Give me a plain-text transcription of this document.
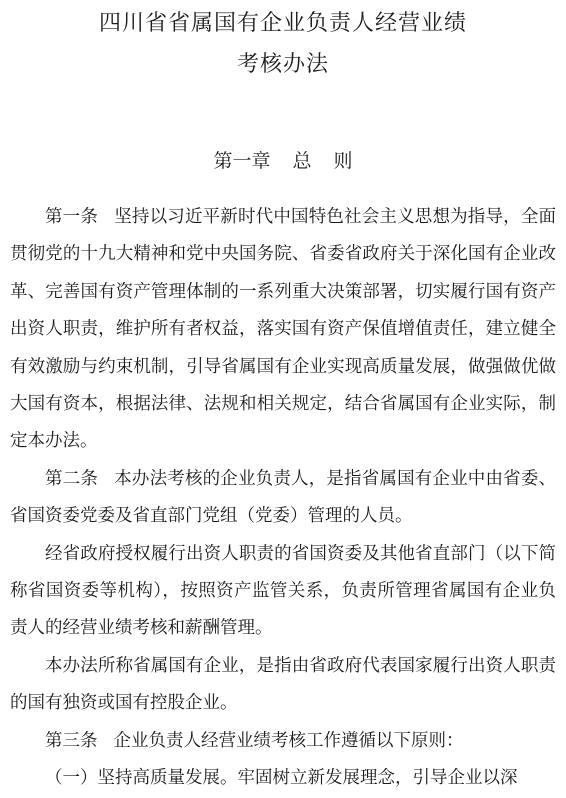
四川省省属国有企业负责人经营业绩
考核办法
第一章 总 则

第一条 坚持以习近平新时代中国特色社会主义思想为指导，全面贯彻党的十九大精神和党中央国务院、省委省政府关于深化国有企业改革、完善国有资产管理体制的一系列重大决策部署，切实履行国有资产出资人职责，维护所有者权益，落实国有资产保值增值责任，建立健全有效激励与约束机制，引导省属国有企业实现高质量发展，做强做优做大国有资本，根据法律、法规和相关规定，结合省属国有企业实际，制定本办法。

第二条 本办法考核的企业负责人，是指省属国有企业中由省委、省国资委党委及省直部门党组（党委）管理的人员。

经省政府授权履行出资人职责的省国资委及其他省直部门（以下简称省国资委等机构），按照资产监管关系，负责所管理省属国有企业负责人的经营业绩考核和薪酬管理。

本办法所称省属国有企业，是指由省政府代表国家履行出资人职责的国有独资或国有控股企业。

第三条 企业负责人经营业绩考核工作遵循以下原则：

（一）坚持高质量发展。牢固树立新发展理念，引导企业以深
